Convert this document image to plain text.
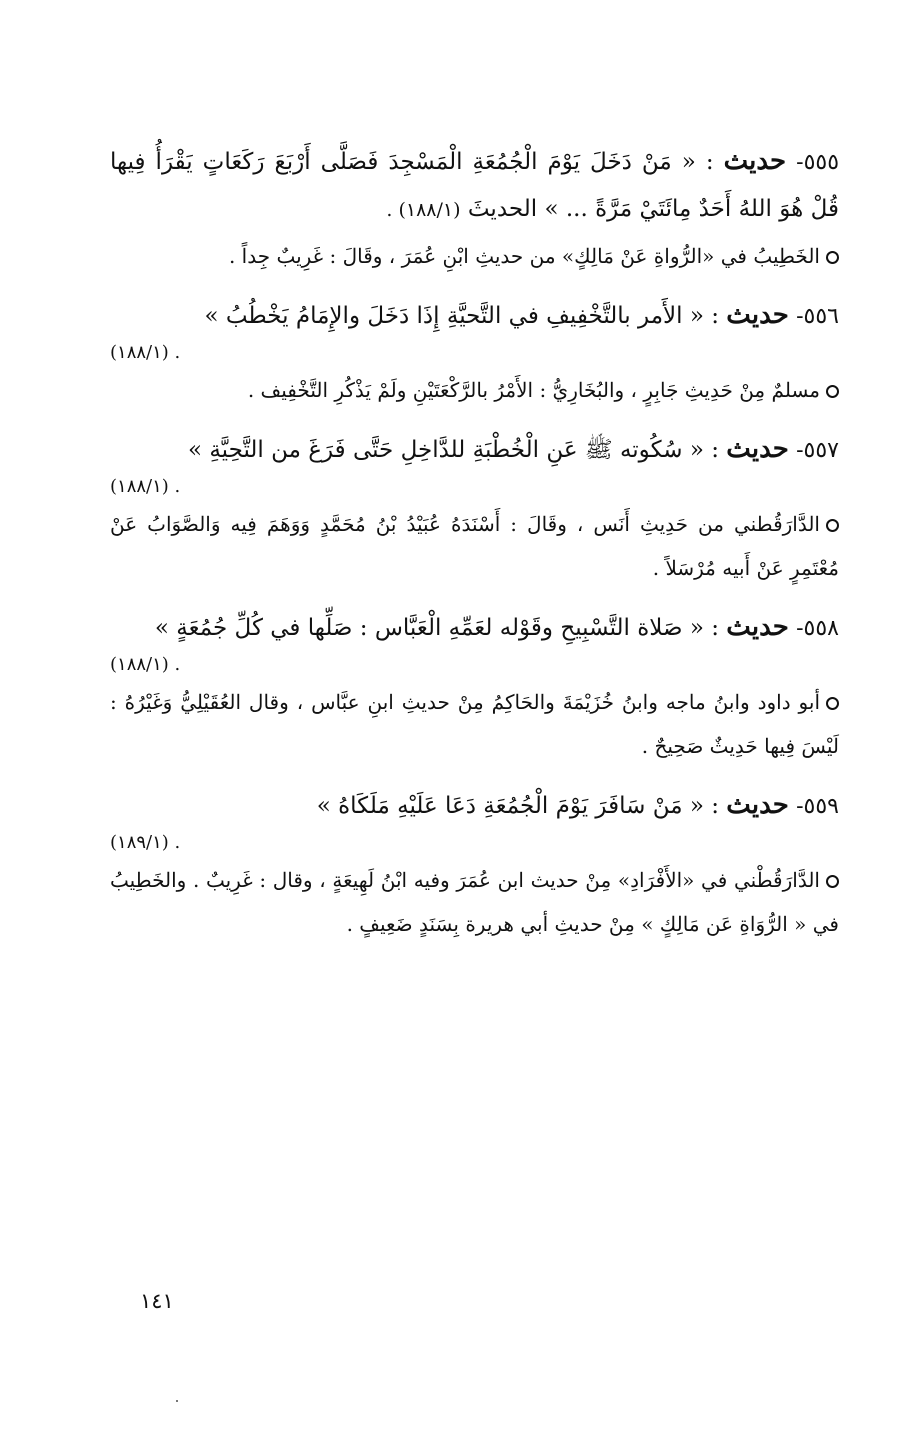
٥٥٥- حديث : « مَنْ دَخَلَ يَوْمَ الْجُمُعَةِ الْمَسْجِدَ فَصَلَّى أَرْبَعَ رَكَعَاتٍ يَقْرَأُ فِيها قُلْ هُوَ اللهُ أَحَدٌ مِائَتَيْ مَرَّةً ... » الحديثَ (١٨٨/١) .
الخَطِيبُ في «الرُّواةِ عَنْ مَالِكٍ» من حديثِ ابْنِ عُمَرَ ، وقَالَ : غَرِيبٌ جِداً .
٥٥٦- حديث : « الأَمر بالتَّخْفِيفِ في التَّحيَّةِ إِذَا دَخَلَ والإِمَامُ يَخْطُبُ »
(١٨٨/١) .
مسلمٌ مِنْ حَدِيثِ جَابِرٍ ، والبُخَارِيُّ : الأَمْرُ بالرَّكْعَتَيْنِ ولَمْ يَذْكُرِ التَّخْفِيف .
٥٥٧- حديث : « سُكُوته ﷺ عَنِ الْخُطْبَةِ للدَّاخِلِ حَتَّى فَرَغَ من التَّحِيَّةِ »
(١٨٨/١) .
الدَّارَقُطني من حَدِيثِ أَنَس ، وقَالَ : أَسْنَدَهُ عُبَيْدُ بْنُ مُحَمَّدٍ وَوَهَمَ فِيه وَالصَّوَابُ عَنْ مُعْتَمِرٍ عَنْ أَبيه مُرْسَلاً .
٥٥٨- حديث : « صَلاة التَّسْبِيحِ وقَوْله لعَمِّهِ الْعَبَّاس : صَلِّها في كُلِّ جُمُعَةٍ »
(١٨٨/١) .
أبو داود وابنُ ماجه وابنُ خُزَيْمَةَ والحَاكِمُ مِنْ حديثِ ابنِ عبَّاس ، وقال العُقَيْلِيُّ وَغَيْرُهُ : لَيْسَ فِيها حَدِيثٌ صَحِيحٌ .
٥٥٩- حديث : « مَنْ سَافَرَ يَوْمَ الْجُمُعَةِ دَعَا عَلَيْهِ مَلَكَاهُ »
(١٨٩/١) .
الدَّارَقُطْني في «الأَفْرَادِ» مِنْ حديث ابن عُمَرَ وفيه ابْنُ لَهِيعَةٍ ، وقال : غَرِيبٌ . والخَطِيبُ في « الرُّوَاةِ عَن مَالِكٍ » مِنْ حديثِ أبي هريرة بِسَنَدٍ ضَعِيفٍ .
١٤١
